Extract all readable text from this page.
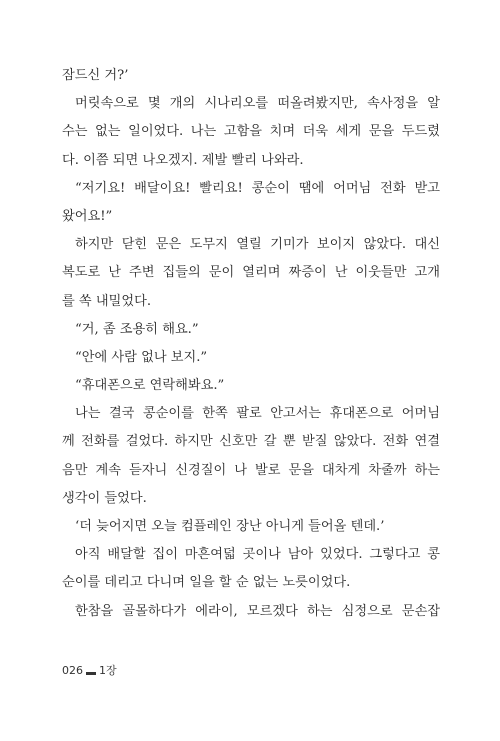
잠드신 거?’
머릿속으로 몇 개의 시나리오를 떠올려봤지만, 속사정을 알
수는 없는 일이었다. 나는 고함을 치며 더욱 세게 문을 두드렸
다. 이쯤 되면 나오겠지. 제발 빨리 나와라.
“저기요! 배달이요! 빨리요! 콩순이 땜에 어머님 전화 받고
왔어요!”
하지만 닫힌 문은 도무지 열릴 기미가 보이지 않았다. 대신
복도로 난 주변 집들의 문이 열리며 짜증이 난 이웃들만 고개
를 쏙 내밀었다.
“거, 좀 조용히 해요.”
“안에 사람 없나 보지.”
“휴대폰으로 연락해봐요.”
나는 결국 콩순이를 한쪽 팔로 안고서는 휴대폰으로 어머님
께 전화를 걸었다. 하지만 신호만 갈 뿐 받질 않았다. 전화 연결
음만 계속 듣자니 신경질이 나 발로 문을 대차게 차줄까 하는
생각이 들었다.
‘더 늦어지면 오늘 컴플레인 장난 아니게 들어올 텐데.’
아직 배달할 집이 마흔여덟 곳이나 남아 있었다. 그렇다고 콩
순이를 데리고 다니며 일을 할 순 없는 노릇이었다.
한참을 골몰하다가 에라이, 모르겠다 하는 심정으로 문손잡
026 1장
